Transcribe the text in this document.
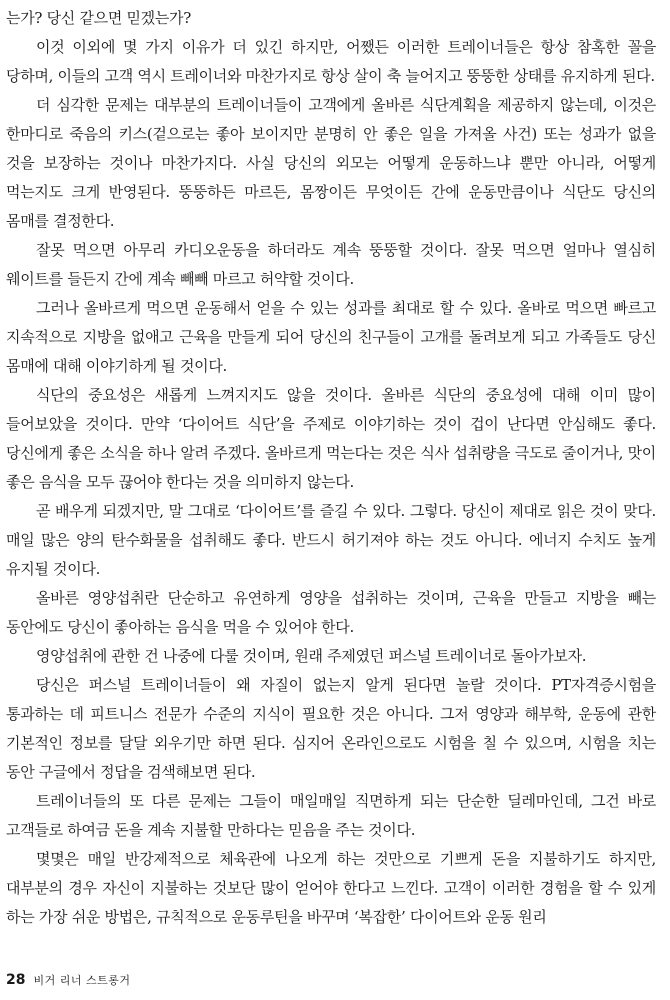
는가? 당신 같으면 믿겠는가?

이것 이외에 몇 가지 이유가 더 있긴 하지만, 어쨌든 이러한 트레이너들은 항상 참혹한 꼴을 당하며, 이들의 고객 역시 트레이너와 마찬가지로 항상 살이 축 늘어지고 뚱뚱한 상태를 유지하게 된다.

더 심각한 문제는 대부분의 트레이너들이 고객에게 올바른 식단계획을 제공하지 않는데, 이것은 한마디로 죽음의 키스(겉으로는 좋아 보이지만 분명히 안 좋은 일을 가져올 사건) 또는 성과가 없을 것을 보장하는 것이나 마찬가지다. 사실 당신의 외모는 어떻게 운동하느냐 뿐만 아니라, 어떻게 먹는지도 크게 반영된다. 뚱뚱하든 마르든, 몸짱이든 무엇이든 간에 운동만큼이나 식단도 당신의 몸매를 결정한다.

잘못 먹으면 아무리 카디오운동을 하더라도 계속 뚱뚱할 것이다. 잘못 먹으면 얼마나 열심히 웨이트를 들든지 간에 계속 빼빼 마르고 허약할 것이다.

그러나 올바르게 먹으면 운동해서 얻을 수 있는 성과를 최대로 할 수 있다. 올바로 먹으면 빠르고 지속적으로 지방을 없애고 근육을 만들게 되어 당신의 친구들이 고개를 돌려보게 되고 가족들도 당신 몸매에 대해 이야기하게 될 것이다.

식단의 중요성은 새롭게 느껴지지도 않을 것이다. 올바른 식단의 중요성에 대해 이미 많이 들어보았을 것이다. 만약 ‘다이어트 식단’을 주제로 이야기하는 것이 겁이 난다면 안심해도 좋다. 당신에게 좋은 소식을 하나 알려 주겠다. 올바르게 먹는다는 것은 식사 섭취량을 극도로 줄이거나, 맛이 좋은 음식을 모두 끊어야 한다는 것을 의미하지 않는다.

곧 배우게 되겠지만, 말 그대로 ‘다이어트’를 즐길 수 있다. 그렇다. 당신이 제대로 읽은 것이 맞다. 매일 많은 양의 탄수화물을 섭취해도 좋다. 반드시 허기져야 하는 것도 아니다. 에너지 수치도 높게 유지될 것이다.

올바른 영양섭취란 단순하고 유연하게 영양을 섭취하는 것이며, 근육을 만들고 지방을 빼는 동안에도 당신이 좋아하는 음식을 먹을 수 있어야 한다.

영양섭취에 관한 건 나중에 다룰 것이며, 원래 주제였던 퍼스널 트레이너로 돌아가보자.

당신은 퍼스널 트레이너들이 왜 자질이 없는지 알게 된다면 놀랄 것이다. PT자격증시험을 통과하는 데 피트니스 전문가 수준의 지식이 필요한 것은 아니다. 그저 영양과 해부학, 운동에 관한 기본적인 정보를 달달 외우기만 하면 된다. 심지어 온라인으로도 시험을 칠 수 있으며, 시험을 치는 동안 구글에서 정답을 검색해보면 된다.

트레이너들의 또 다른 문제는 그들이 매일매일 직면하게 되는 단순한 딜레마인데, 그건 바로 고객들로 하여금 돈을 계속 지불할 만하다는 믿음을 주는 것이다.

몇몇은 매일 반강제적으로 체육관에 나오게 하는 것만으로 기쁘게 돈을 지불하기도 하지만, 대부분의 경우 자신이 지불하는 것보단 많이 얻어야 한다고 느낀다. 고객이 이러한 경험을 할 수 있게 하는 가장 쉬운 방법은, 규칙적으로 운동루틴을 바꾸며 ‘복잡한’ 다이어트와 운동 원리

28 비거 리너 스트롱거
